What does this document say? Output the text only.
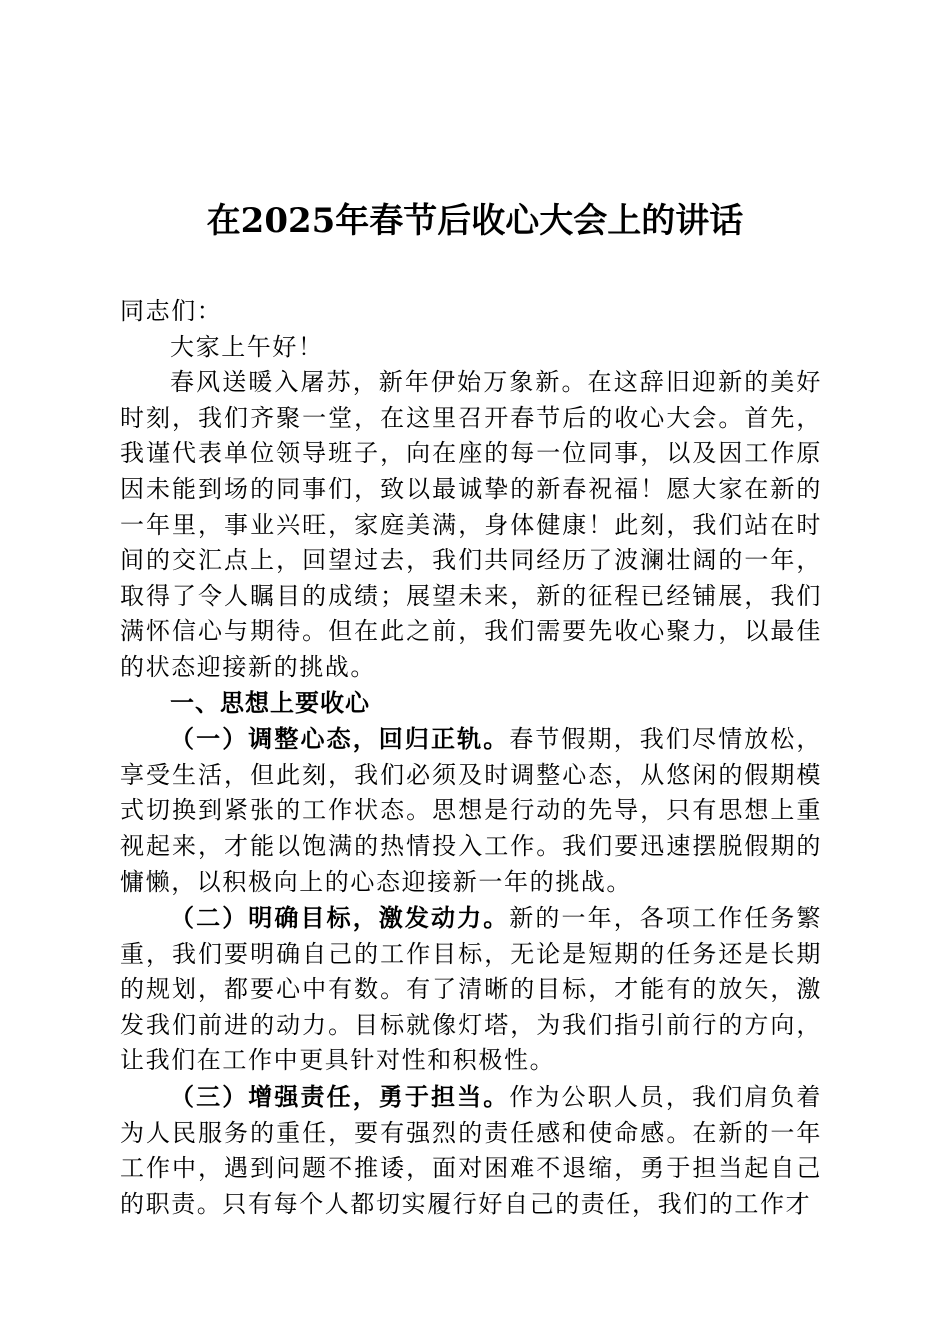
在2025年春节后收心大会上的讲话

同志们：

大家上午好！

春风送暖入屠苏，新年伊始万象新。在这辞旧迎新的美好时刻，我们齐聚一堂，在这里召开春节后的收心大会。首先，我谨代表单位领导班子，向在座的每一位同事，以及因工作原因未能到场的同事们，致以最诚挚的新春祝福！愿大家在新的一年里，事业兴旺，家庭美满，身体健康！此刻，我们站在时间的交汇点上，回望过去，我们共同经历了波澜壮阔的一年，取得了令人瞩目的成绩；展望未来，新的征程已经铺展，我们满怀信心与期待。但在此之前，我们需要先收心聚力，以最佳的状态迎接新的挑战。

一、思想上要收心

（一）调整心态，回归正轨。春节假期，我们尽情放松，享受生活，但此刻，我们必须及时调整心态，从悠闲的假期模式切换到紧张的工作状态。思想是行动的先导，只有思想上重视起来，才能以饱满的热情投入工作。我们要迅速摆脱假期的慵懒，以积极向上的心态迎接新一年的挑战。

（二）明确目标，激发动力。新的一年，各项工作任务繁重，我们要明确自己的工作目标，无论是短期的任务还是长期的规划，都要心中有数。有了清晰的目标，才能有的放矢，激发我们前进的动力。目标就像灯塔，为我们指引前行的方向，让我们在工作中更具针对性和积极性。

（三）增强责任，勇于担当。作为公职人员，我们肩负着为人民服务的重任，要有强烈的责任感和使命感。在新的一年工作中，遇到问题不推诿，面对困难不退缩，勇于担当起自己的职责。只有每个人都切实履行好自己的责任，我们的工作才
